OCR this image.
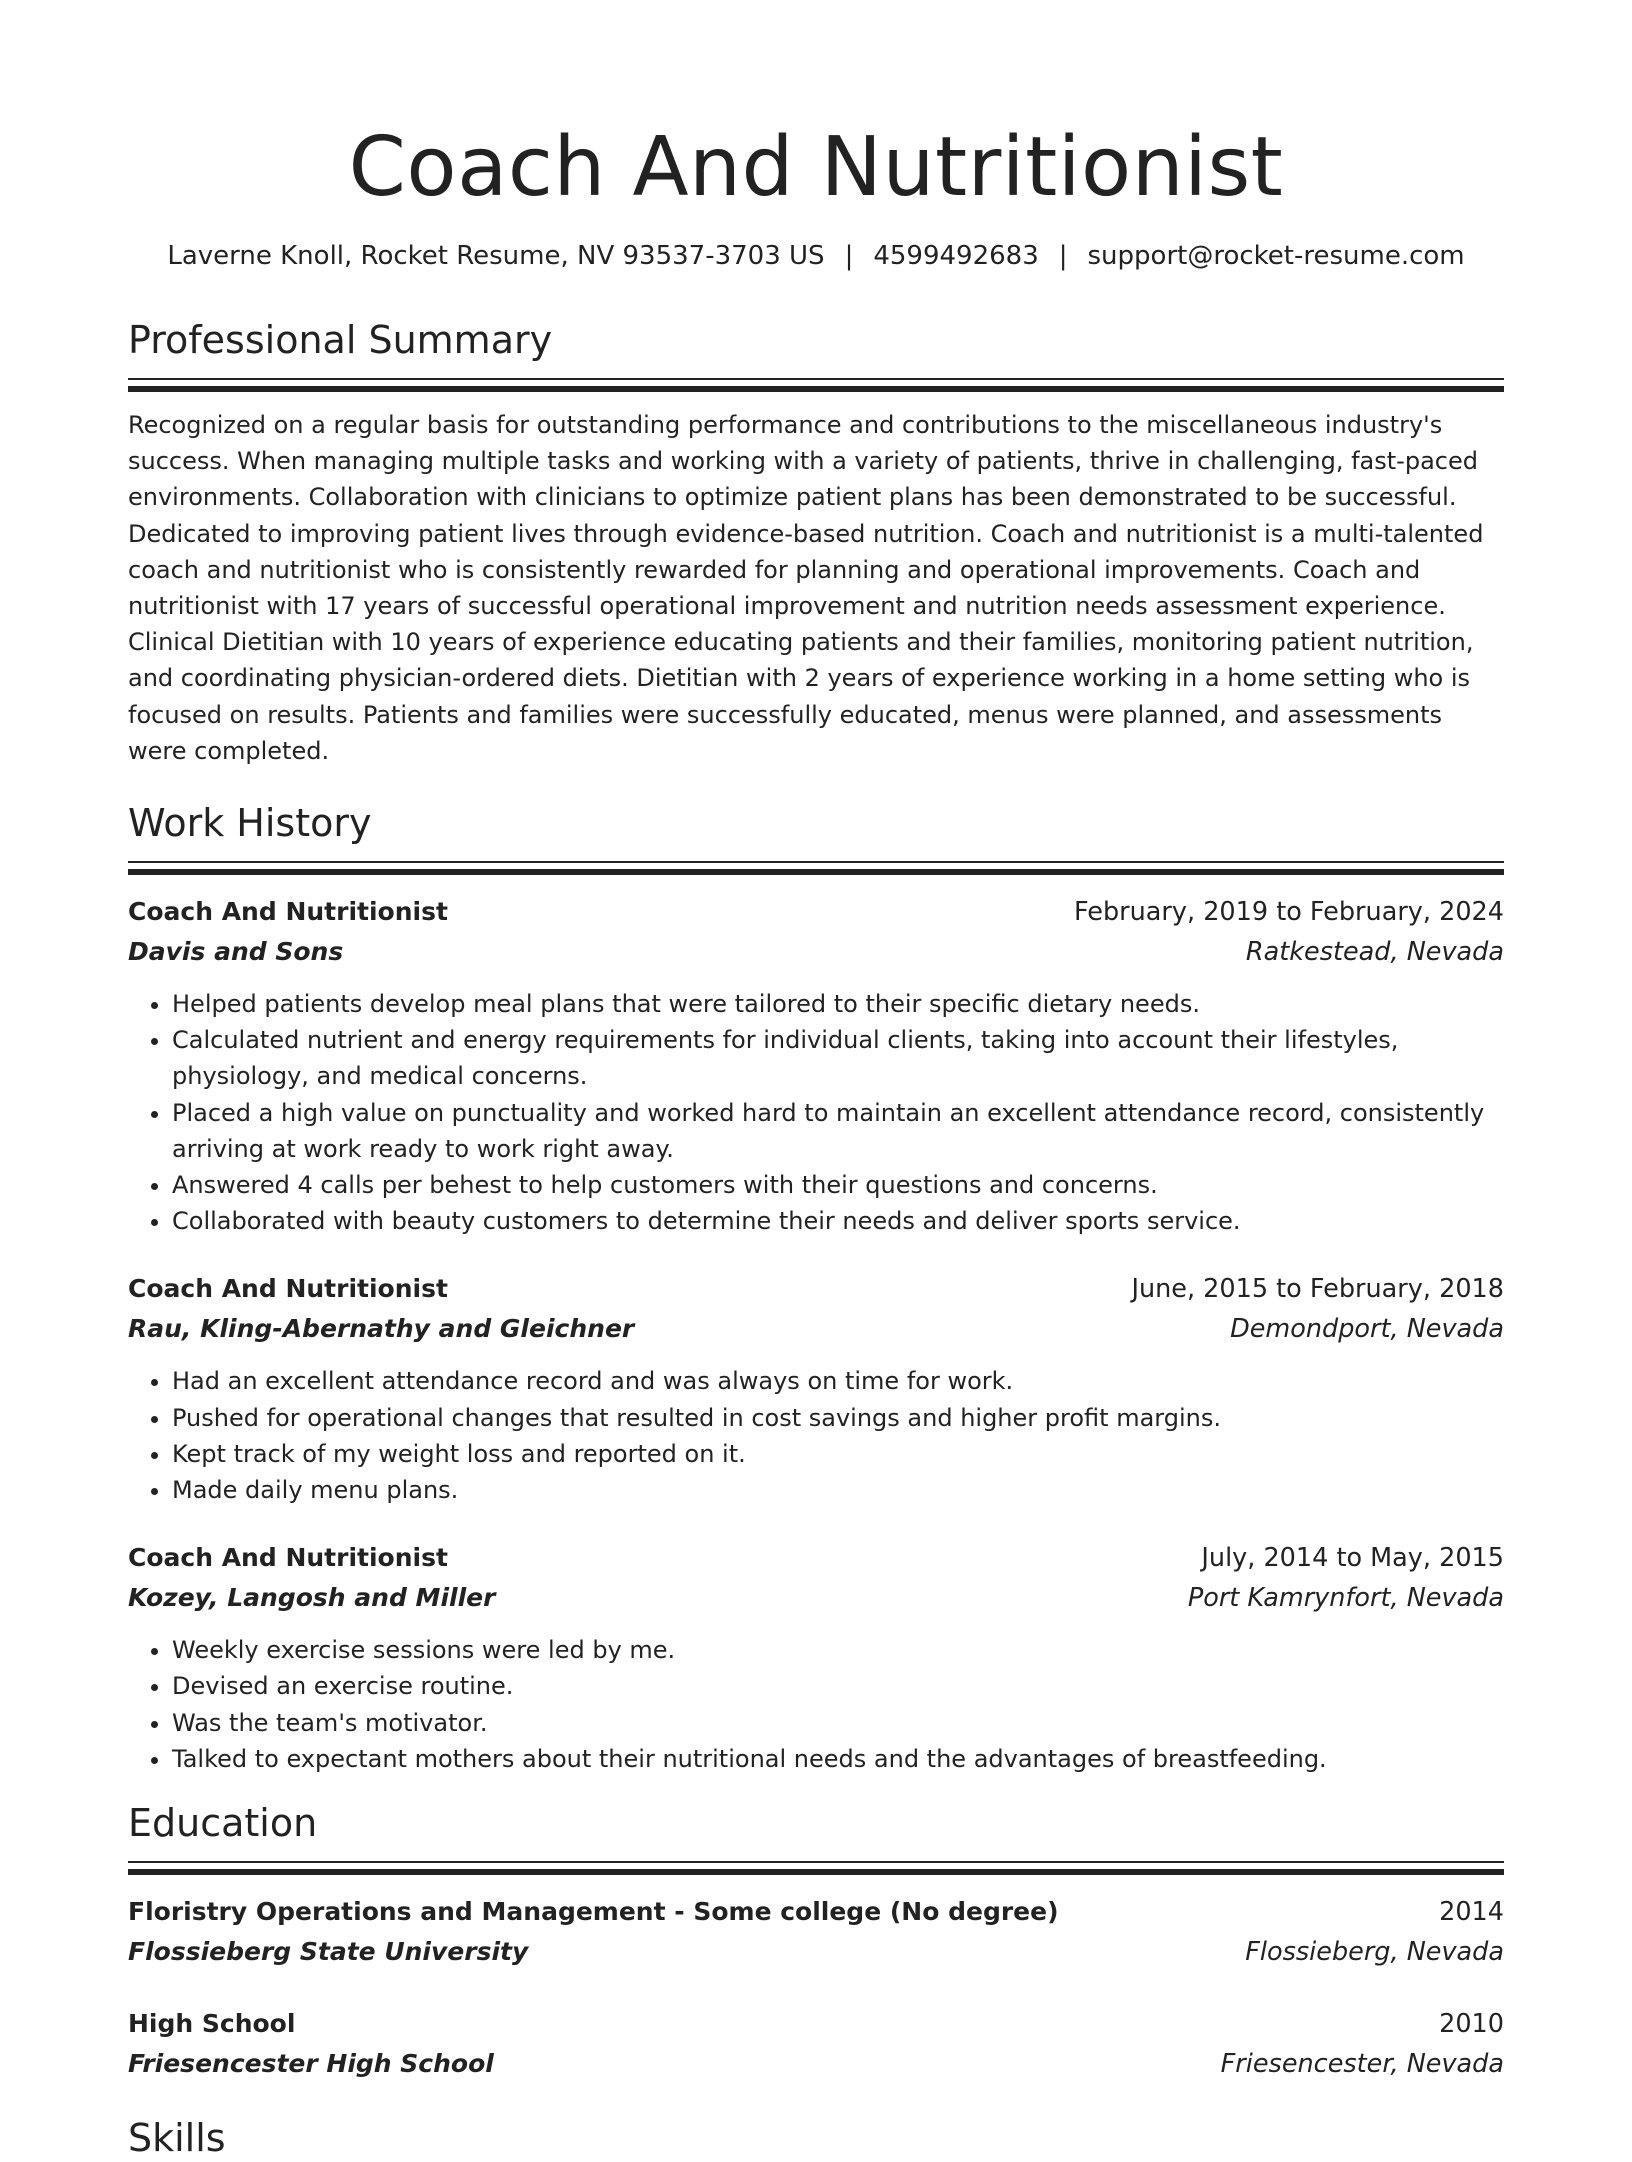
Coach And Nutritionist
Laverne Knoll, Rocket Resume, NV 93537-3703 US | 4599492683 | support@rocket-resume.com
Professional Summary

Recognized on a regular basis for outstanding performance and contributions to the miscellaneous industry's success. When managing multiple tasks and working with a variety of patients, thrive in challenging, fast-paced environments. Collaboration with clinicians to optimize patient plans has been demonstrated to be successful. Dedicated to improving patient lives through evidence-based nutrition. Coach and nutritionist is a multi-talented coach and nutritionist who is consistently rewarded for planning and operational improvements. Coach and nutritionist with 17 years of successful operational improvement and nutrition needs assessment experience. Clinical Dietitian with 10 years of experience educating patients and their families, monitoring patient nutrition, and coordinating physician-ordered diets. Dietitian with 2 years of experience working in a home setting who is focused on results. Patients and families were successfully educated, menus were planned, and assessments were completed.

Work History
Coach And Nutritionist	February, 2019 to February, 2024
Davis and Sons	Ratkestead, Nevada
• Helped patients develop meal plans that were tailored to their specific dietary needs.
• Calculated nutrient and energy requirements for individual clients, taking into account their lifestyles, physiology, and medical concerns.
• Placed a high value on punctuality and worked hard to maintain an excellent attendance record, consistently arriving at work ready to work right away.
• Answered 4 calls per behest to help customers with their questions and concerns.
• Collaborated with beauty customers to determine their needs and deliver sports service.
Coach And Nutritionist	June, 2015 to February, 2018
Rau, Kling-Abernathy and Gleichner	Demondport, Nevada
• Had an excellent attendance record and was always on time for work.
• Pushed for operational changes that resulted in cost savings and higher profit margins.
• Kept track of my weight loss and reported on it.
• Made daily menu plans.
Coach And Nutritionist	July, 2014 to May, 2015
Kozey, Langosh and Miller	Port Kamrynfort, Nevada
• Weekly exercise sessions were led by me.
• Devised an exercise routine.
• Was the team's motivator.
• Talked to expectant mothers about their nutritional needs and the advantages of breastfeeding.
Education
Floristry Operations and Management - Some college (No degree)	2014
Flossieberg State University	Flossieberg, Nevada
High School	2010
Friesencester High School	Friesencester, Nevada
Skills
